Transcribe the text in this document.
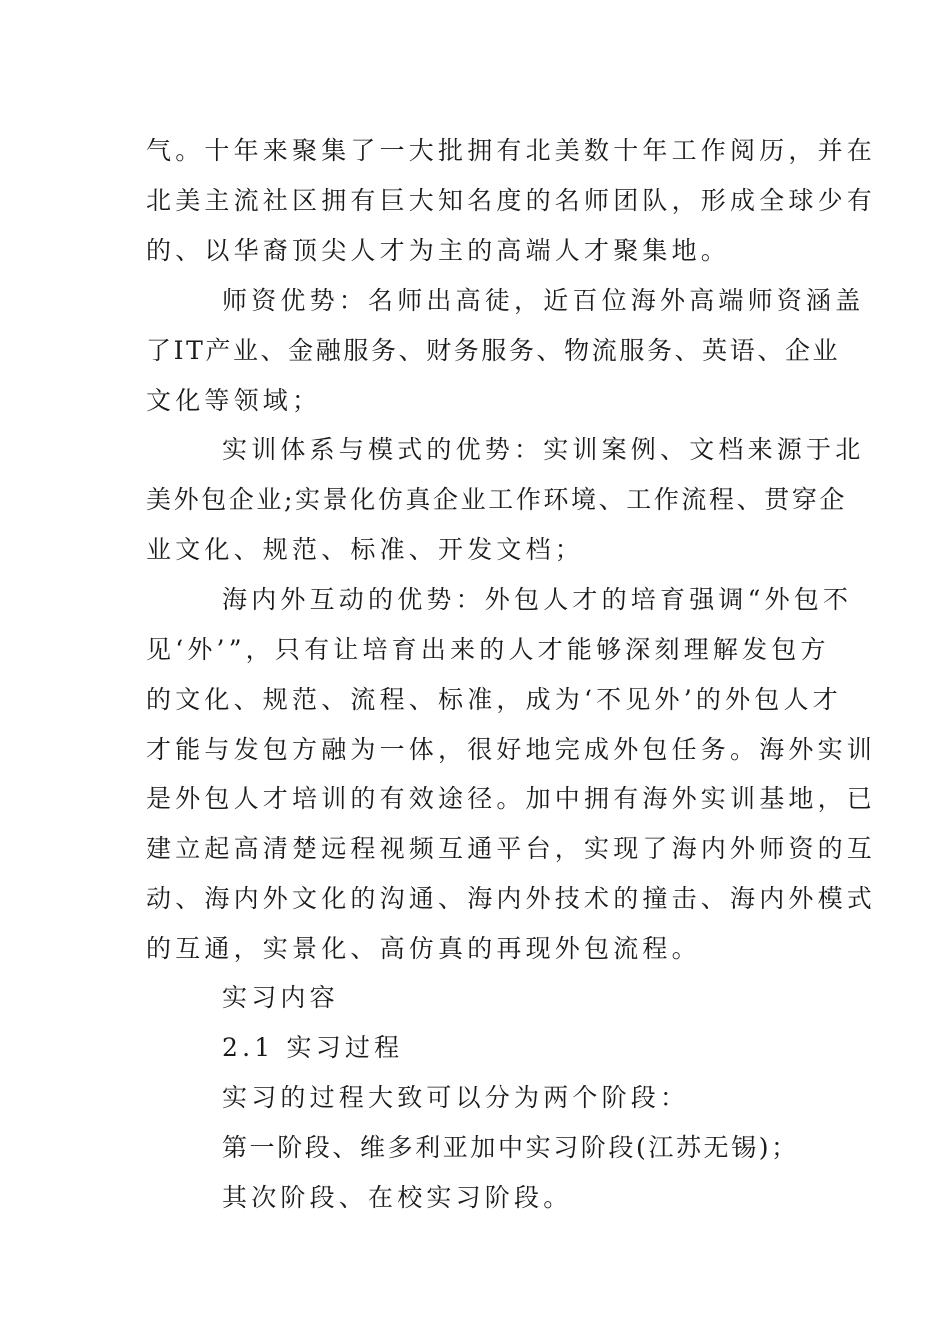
气。十年来聚集了一大批拥有北美数十年工作阅历，并在
北美主流社区拥有巨大知名度的名师团队，形成全球少有
的、以华裔顶尖人才为主的高端人才聚集地。
师资优势：名师出高徒，近百位海外高端师资涵盖
了IT产业、金融服务、财务服务、物流服务、英语、企业
文化等领域；
实训体系与模式的优势：实训案例、文档来源于北
美外包企业;实景化仿真企业工作环境、工作流程、贯穿企
业文化、规范、标准、开发文档；
海内外互动的优势：外包人才的培育强调“外包不
见‘外’”，只有让培育出来的人才能够深刻理解发包方
的文化、规范、流程、标准，成为‘不见外’的外包人才
才能与发包方融为一体，很好地完成外包任务。海外实训
是外包人才培训的有效途径。加中拥有海外实训基地，已
建立起高清楚远程视频互通平台，实现了海内外师资的互
动、海内外文化的沟通、海内外技术的撞击、海内外模式
的互通，实景化、高仿真的再现外包流程。
实习内容
2.1 实习过程
实习的过程大致可以分为两个阶段：
第一阶段、维多利亚加中实习阶段(江苏无锡)；
其次阶段、在校实习阶段。
